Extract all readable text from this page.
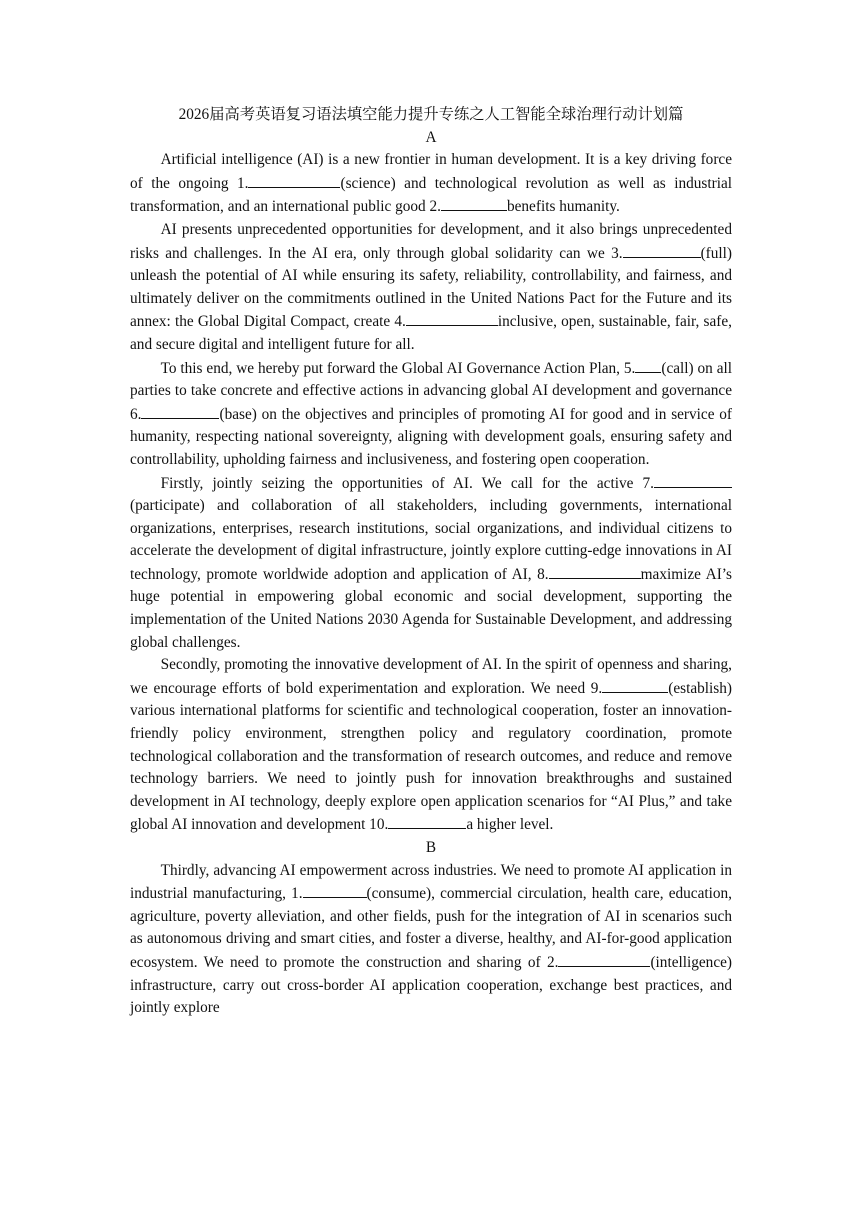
2026届高考英语复习语法填空能力提升专练之人工智能全球治理行动计划篇
A

Artificial intelligence (AI) is a new frontier in human development. It is a key driving force of the ongoing 1.	(science) and technological revolution as well as industrial transformation, and an international public good 2.	benefits humanity.

AI presents unprecedented opportunities for development, and it also brings unprecedented risks and challenges. In the AI era, only through global solidarity can we 3.	(full) unleash the potential of AI while ensuring its safety, reliability, controllability, and fairness, and ultimately deliver on the commitments outlined in the United Nations Pact for the Future and its annex: the Global Digital Compact, create 4.	inclusive, open, sustainable, fair, safe, and secure digital and intelligent future for all.

To this end, we hereby put forward the Global AI Governance Action Plan, 5. (call) on all parties to take concrete and effective actions in advancing global AI development and governance 6.	(base) on the objectives and principles of promoting AI for good and in service of humanity, respecting national sovereignty, aligning with development goals, ensuring safety and controllability, upholding fairness and inclusiveness, and fostering open cooperation.

Firstly, jointly seizing the opportunities of AI. We call for the active 7.(participate) and collaboration of all stakeholders, including governments, international organizations, enterprises, research institutions, social organizations, and individual citizens to accelerate the development of digital infrastructure, jointly explore cutting-edge innovations in AI technology, promote worldwide adoption and application of AI, 8.	maximize AI’s huge potential in empowering global economic and social development, supporting the implementation of the United Nations 2030 Agenda for Sustainable Development, and addressing global challenges.

Secondly, promoting the innovative development of AI. In the spirit of openness and sharing, we encourage efforts of bold experimentation and exploration. We need 9.	(establish) various international platforms for scientific and technological cooperation, foster an innovation-friendly policy environment, strengthen policy and regulatory coordination, promote technological collaboration and the transformation of research outcomes, and reduce and remove technology barriers. We need to jointly push for innovation breakthroughs and sustained development in AI technology, deeply explore open application scenarios for “AI Plus,” and take global AI innovation and development 10.	a higher level.

B

Thirdly, advancing AI empowerment across industries. We need to promote AI application in industrial manufacturing, 1.	(consume), commercial circulation, health care, education, agriculture, poverty alleviation, and other fields, push for the integration of AI in scenarios such as autonomous driving and smart cities, and foster a diverse, healthy, and AI-for-good application ecosystem. We need to promote the construction and sharing of 2.	(intelligence) infrastructure, carry out cross-border AI application cooperation, exchange best practices, and jointly explore
